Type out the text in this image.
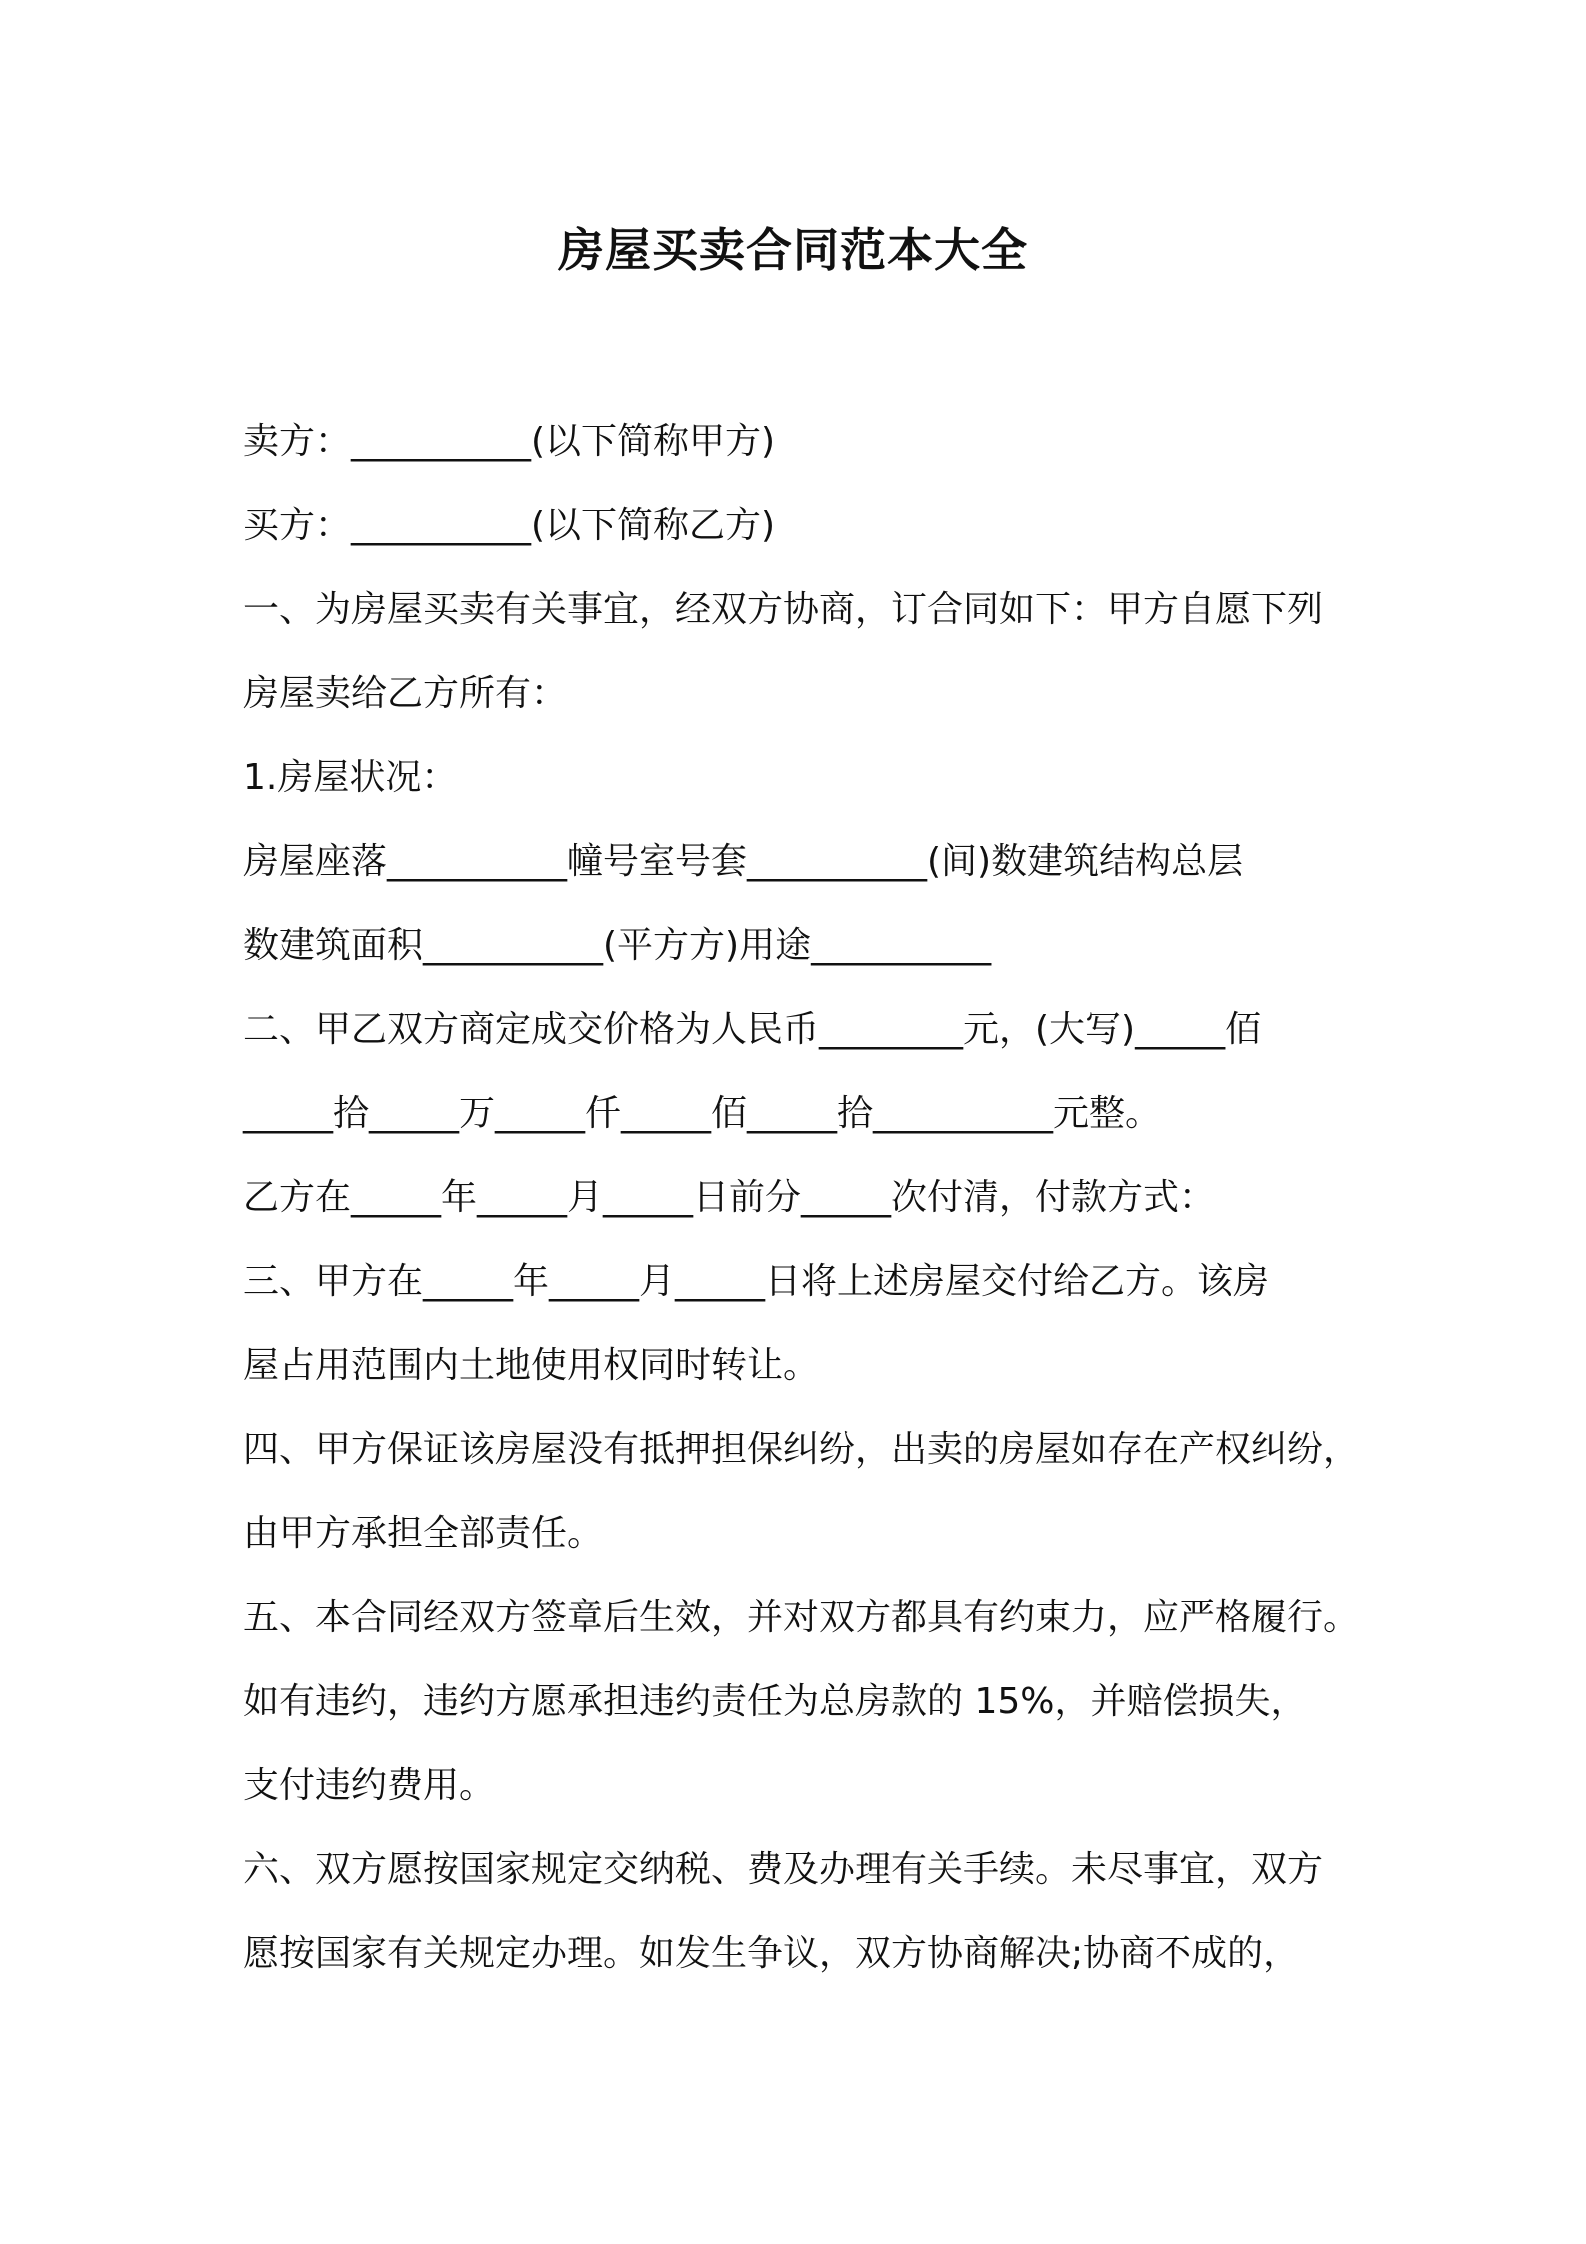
房屋买卖合同范本大全

卖方：__________(以下简称甲方)

买方：__________(以下简称乙方)

一、为房屋买卖有关事宜，经双方协商，订合同如下：甲方自愿下列

房屋卖给乙方所有：

1.房屋状况：

房屋座落__________幢号室号套__________(间)数建筑结构总层

数建筑面积__________(平方方)用途__________

二、甲乙双方商定成交价格为人民币________元，(大写)_____佰

_____拾_____万_____仟_____佰_____拾__________元整。

乙方在_____年_____月_____日前分_____次付清，付款方式：

三、甲方在_____年_____月_____日将上述房屋交付给乙方。该房

屋占用范围内土地使用权同时转让。

四、甲方保证该房屋没有抵押担保纠纷，出卖的房屋如存在产权纠纷，

由甲方承担全部责任。

五、本合同经双方签章后生效，并对双方都具有约束力，应严格履行。

如有违约，违约方愿承担违约责任为总房款的 15%，并赔偿损失，

支付违约费用。

六、双方愿按国家规定交纳税、费及办理有关手续。未尽事宜，双方

愿按国家有关规定办理。如发生争议，双方协商解决;协商不成的，
